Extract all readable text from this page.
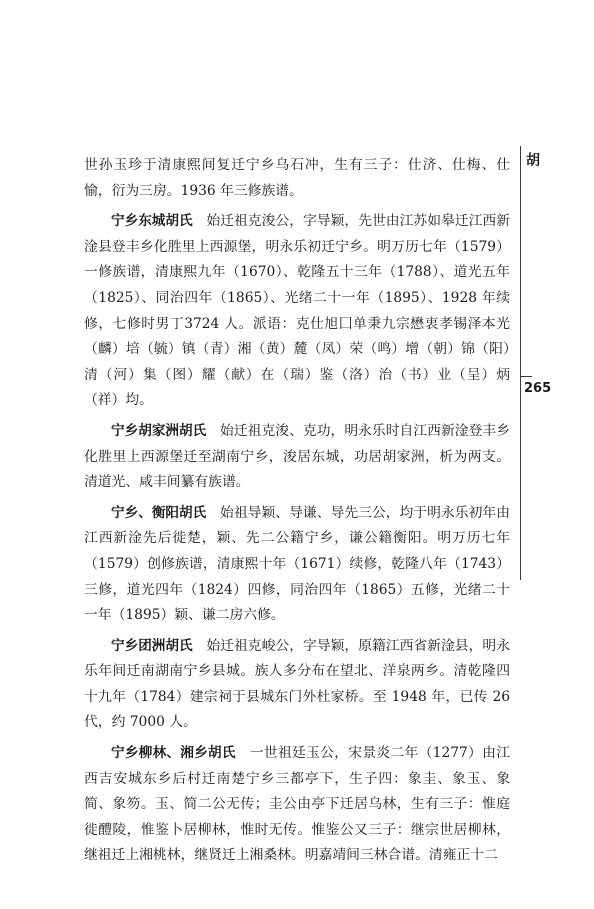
胡
265

世孙玉珍于清康熙间复迁宁乡乌石冲，生有三子：仕济、仕梅、仕愉，衍为三房。1936 年三修族谱。

宁乡东城胡氏　始迁祖克浚公，字导颖，先世由江苏如皋迁江西新淦县登丰乡化胜里上西源堡，明永乐初迁宁乡。明万历七年（1579）一修族谱，清康熙九年（1670）、乾隆五十三年（1788）、道光五年（1825）、同治四年（1865）、光绪二十一年（1895）、1928 年续修，七修时男丁3724 人。派语：克仕旭囗单秉九宗懋衷孝锡泽本光（麟）培（毓）镇（青）湘（黄）麓（凤）荣（鸣）增（朝）锦（阳）清（河）集（图）耀（献）在（瑞）鉴（洛）治（书）业（呈）炳（祥）均。

宁乡胡家洲胡氏　始迁祖克浚、克功，明永乐时自江西新淦登丰乡化胜里上西源堡迁至湖南宁乡，浚居东城，功居胡家洲，析为两支。清道光、咸丰间纂有族谱。

宁乡、衡阳胡氏　始祖导颖、导谦、导先三公，均于明永乐初年由江西新淦先后徙楚，颖、先二公籍宁乡，谦公籍衡阳。明万历七年（1579）创修族谱，清康熙十年（1671）续修，乾隆八年（1743）三修，道光四年（1824）四修，同治四年（1865）五修，光绪二十一年（1895）颖、谦二房六修。

宁乡团洲胡氏　始迁祖克峻公，字导颖，原籍江西省新淦县，明永乐年间迁南湖南宁乡县城。族人多分布在望北、洋泉两乡。清乾隆四十九年（1784）建宗祠于县城东门外杜家桥。至 1948 年，已传 26 代，约 7000 人。

宁乡柳林、湘乡胡氏　一世祖廷玉公，宋景炎二年（1277）由江西吉安城东乡后村迁南楚宁乡三都亭下，生子四：象圭、象玉、象简、象笏。玉、简二公无传；圭公由亭下迁居乌林，生有三子：惟庭徙醴陵，惟鉴卜居柳林，惟时无传。惟鉴公又三子：继宗世居柳林，继祖迁上湘桃林，继贤迁上湘桑林。明嘉靖间三林合谱。清雍正十二
